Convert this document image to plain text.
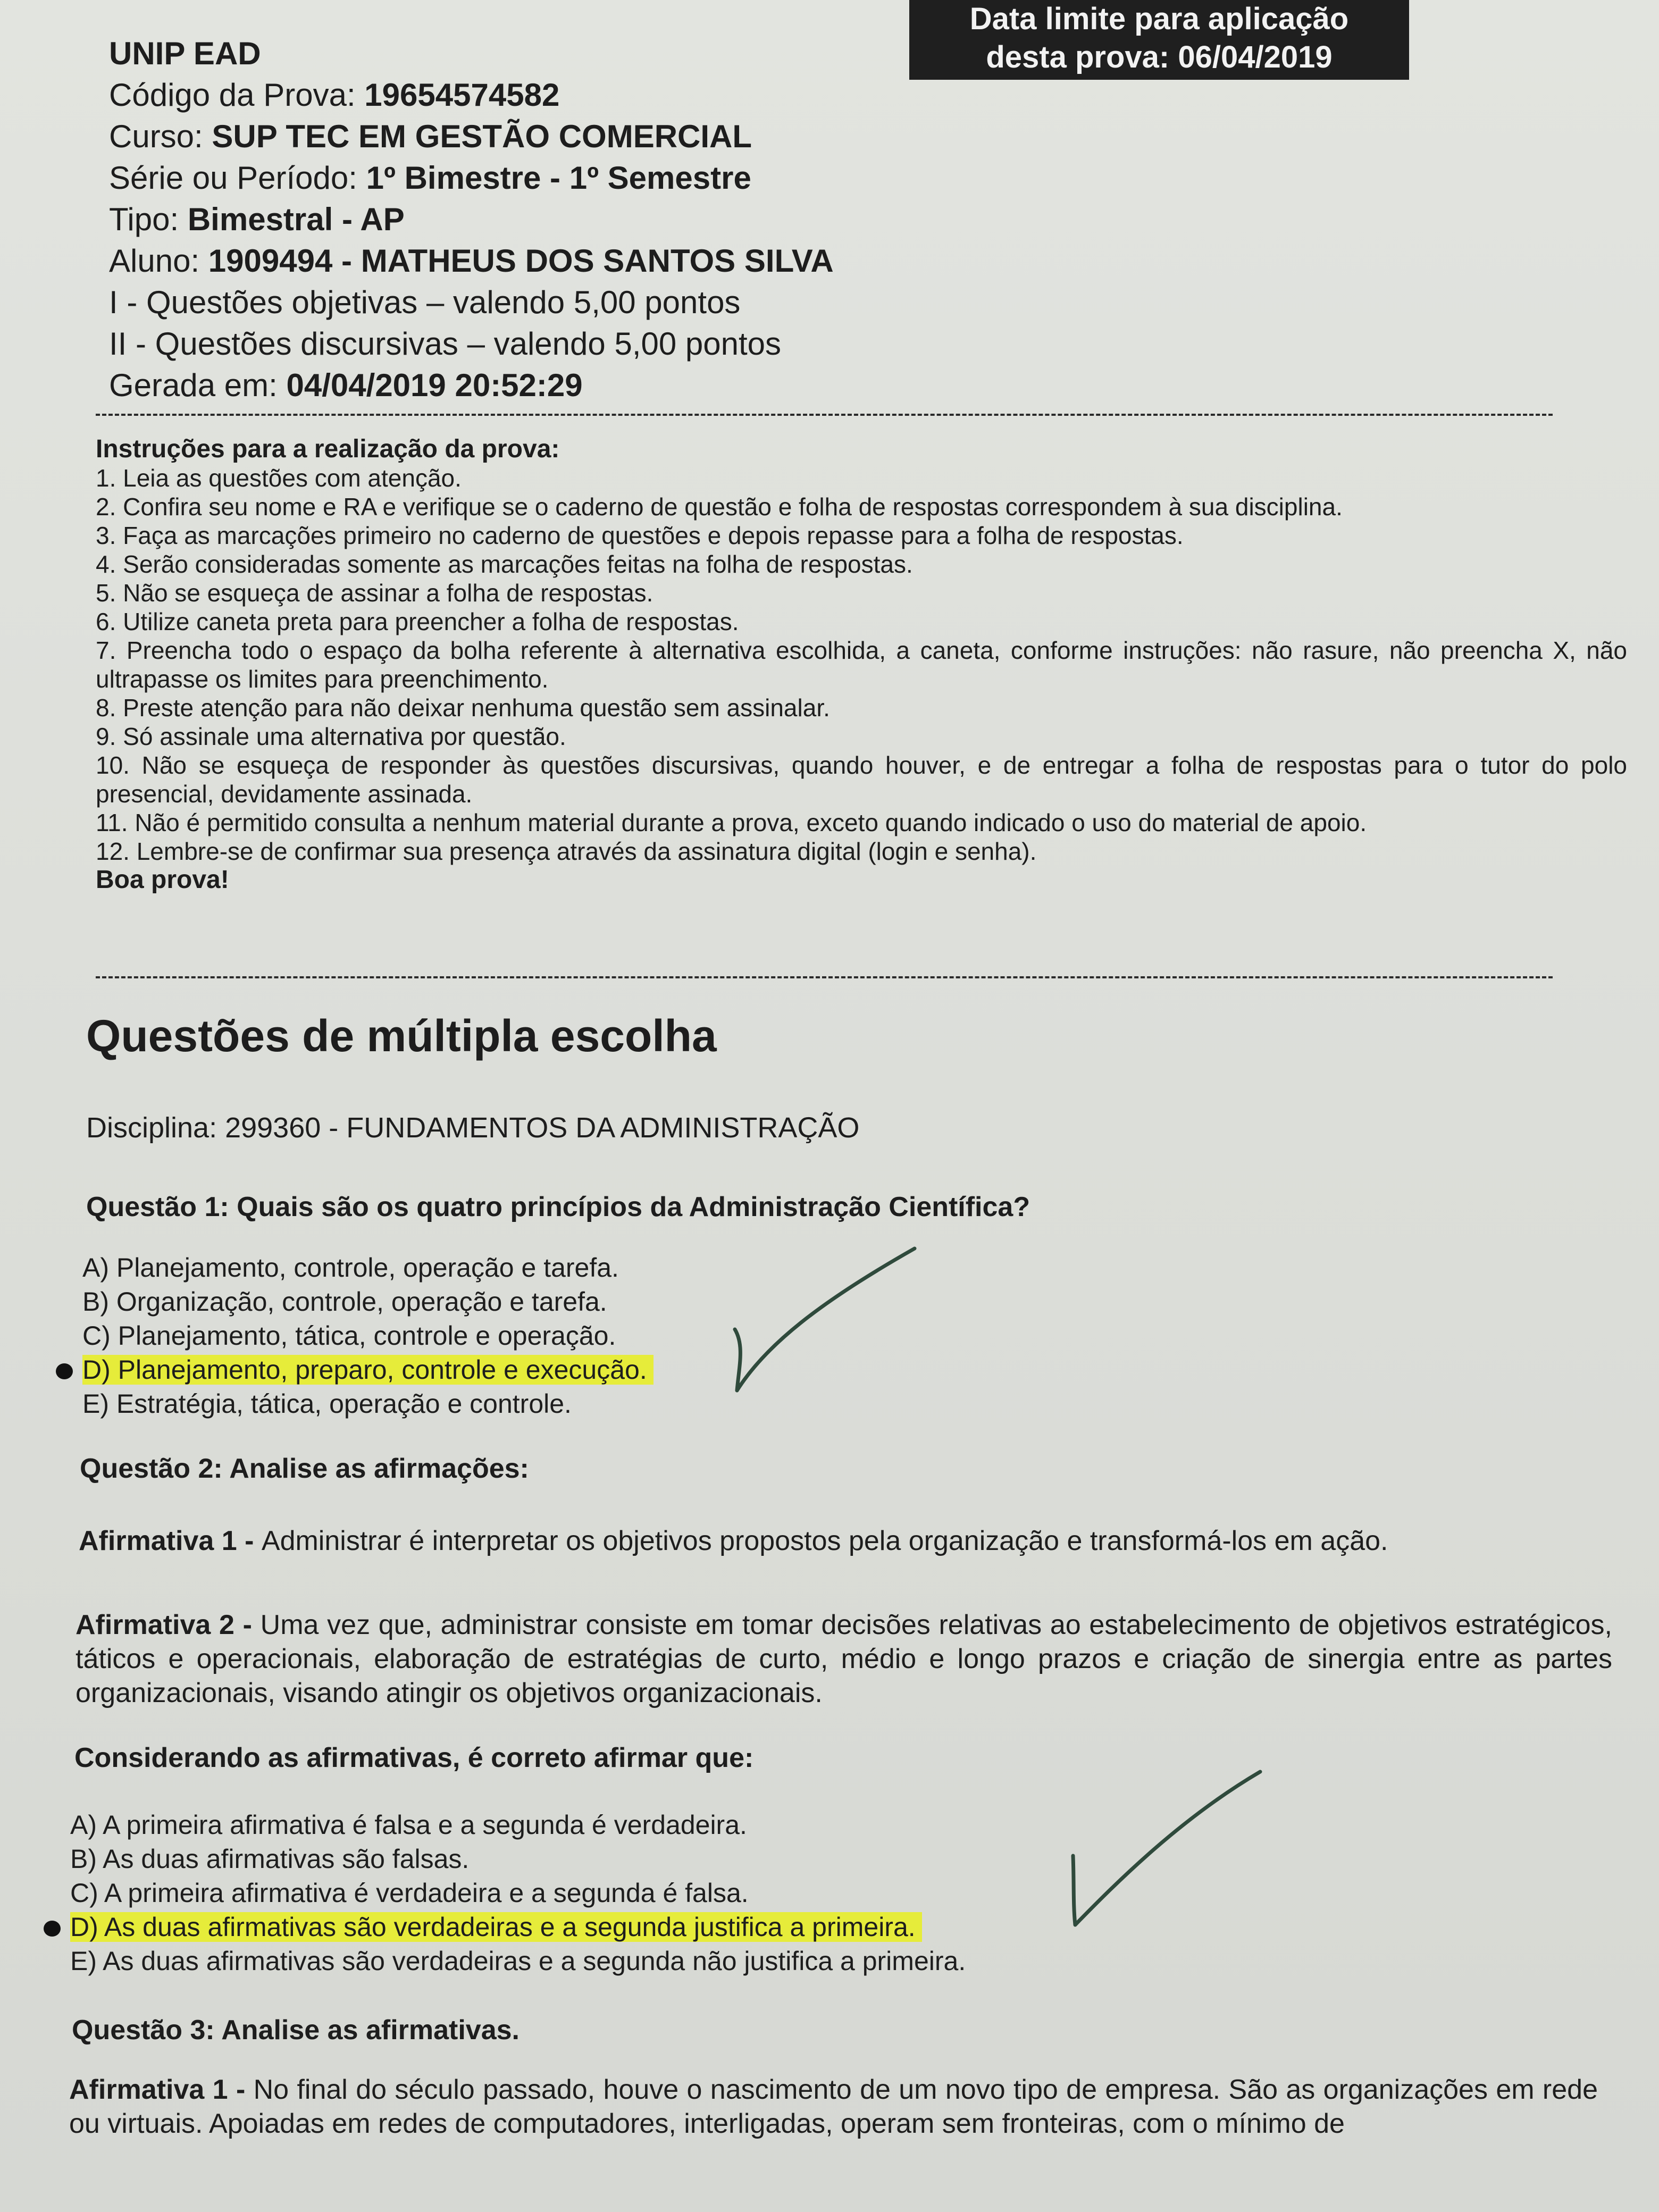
Data limite para aplicação
desta prova: 06/04/2019
UNIP EAD
Código da Prova: 19654574582
Curso: SUP TEC EM GESTÃO COMERCIAL
Série ou Período: 1º Bimestre - 1º Semestre
Tipo: Bimestral - AP
Aluno: 1909494 - MATHEUS DOS SANTOS SILVA
I - Questões objetivas – valendo 5,00 pontos
II - Questões discursivas – valendo 5,00 pontos
Gerada em: 04/04/2019 20:52:29
Instruções para a realização da prova:
1. Leia as questões com atenção.
2. Confira seu nome e RA e verifique se o caderno de questão e folha de respostas correspondem à sua disciplina.
3. Faça as marcações primeiro no caderno de questões e depois repasse para a folha de respostas.
4. Serão consideradas somente as marcações feitas na folha de respostas.
5. Não se esqueça de assinar a folha de respostas.
6. Utilize caneta preta para preencher a folha de respostas.
7. Preencha todo o espaço da bolha referente à alternativa escolhida, a caneta, conforme instruções: não rasure, não preencha X, não ultrapasse os limites para preenchimento.
8. Preste atenção para não deixar nenhuma questão sem assinalar.
9. Só assinale uma alternativa por questão.
10. Não se esqueça de responder às questões discursivas, quando houver, e de entregar a folha de respostas para o tutor do polo presencial, devidamente assinada.
11. Não é permitido consulta a nenhum material durante a prova, exceto quando indicado o uso do material de apoio.
12. Lembre-se de confirmar sua presença através da assinatura digital (login e senha).
Boa prova!
Questões de múltipla escolha
Disciplina: 299360 - FUNDAMENTOS DA ADMINISTRAÇÃO
Questão 1: Quais são os quatro princípios da Administração Científica?
A) Planejamento, controle, operação e tarefa.
B) Organização, controle, operação e tarefa.
C) Planejamento, tática, controle e operação.
D) Planejamento, preparo, controle e execução.
E) Estratégia, tática, operação e controle.
Questão 2: Analise as afirmações:
Afirmativa 1 - Administrar é interpretar os objetivos propostos pela organização e transformá-los em ação.
Afirmativa 2 - Uma vez que, administrar consiste em tomar decisões relativas ao estabelecimento de objetivos estratégicos, táticos e operacionais, elaboração de estratégias de curto, médio e longo prazos e criação de sinergia entre as partes organizacionais, visando atingir os objetivos organizacionais.
Considerando as afirmativas, é correto afirmar que:
A) A primeira afirmativa é falsa e a segunda é verdadeira.
B) As duas afirmativas são falsas.
C) A primeira afirmativa é verdadeira e a segunda é falsa.
D) As duas afirmativas são verdadeiras e a segunda justifica a primeira.
E) As duas afirmativas são verdadeiras e a segunda não justifica a primeira.
Questão 3: Analise as afirmativas.
Afirmativa 1 - No final do século passado, houve o nascimento de um novo tipo de empresa. São as organizações em rede ou virtuais. Apoiadas em redes de computadores, interligadas, operam sem fronteiras, com o mínimo de
